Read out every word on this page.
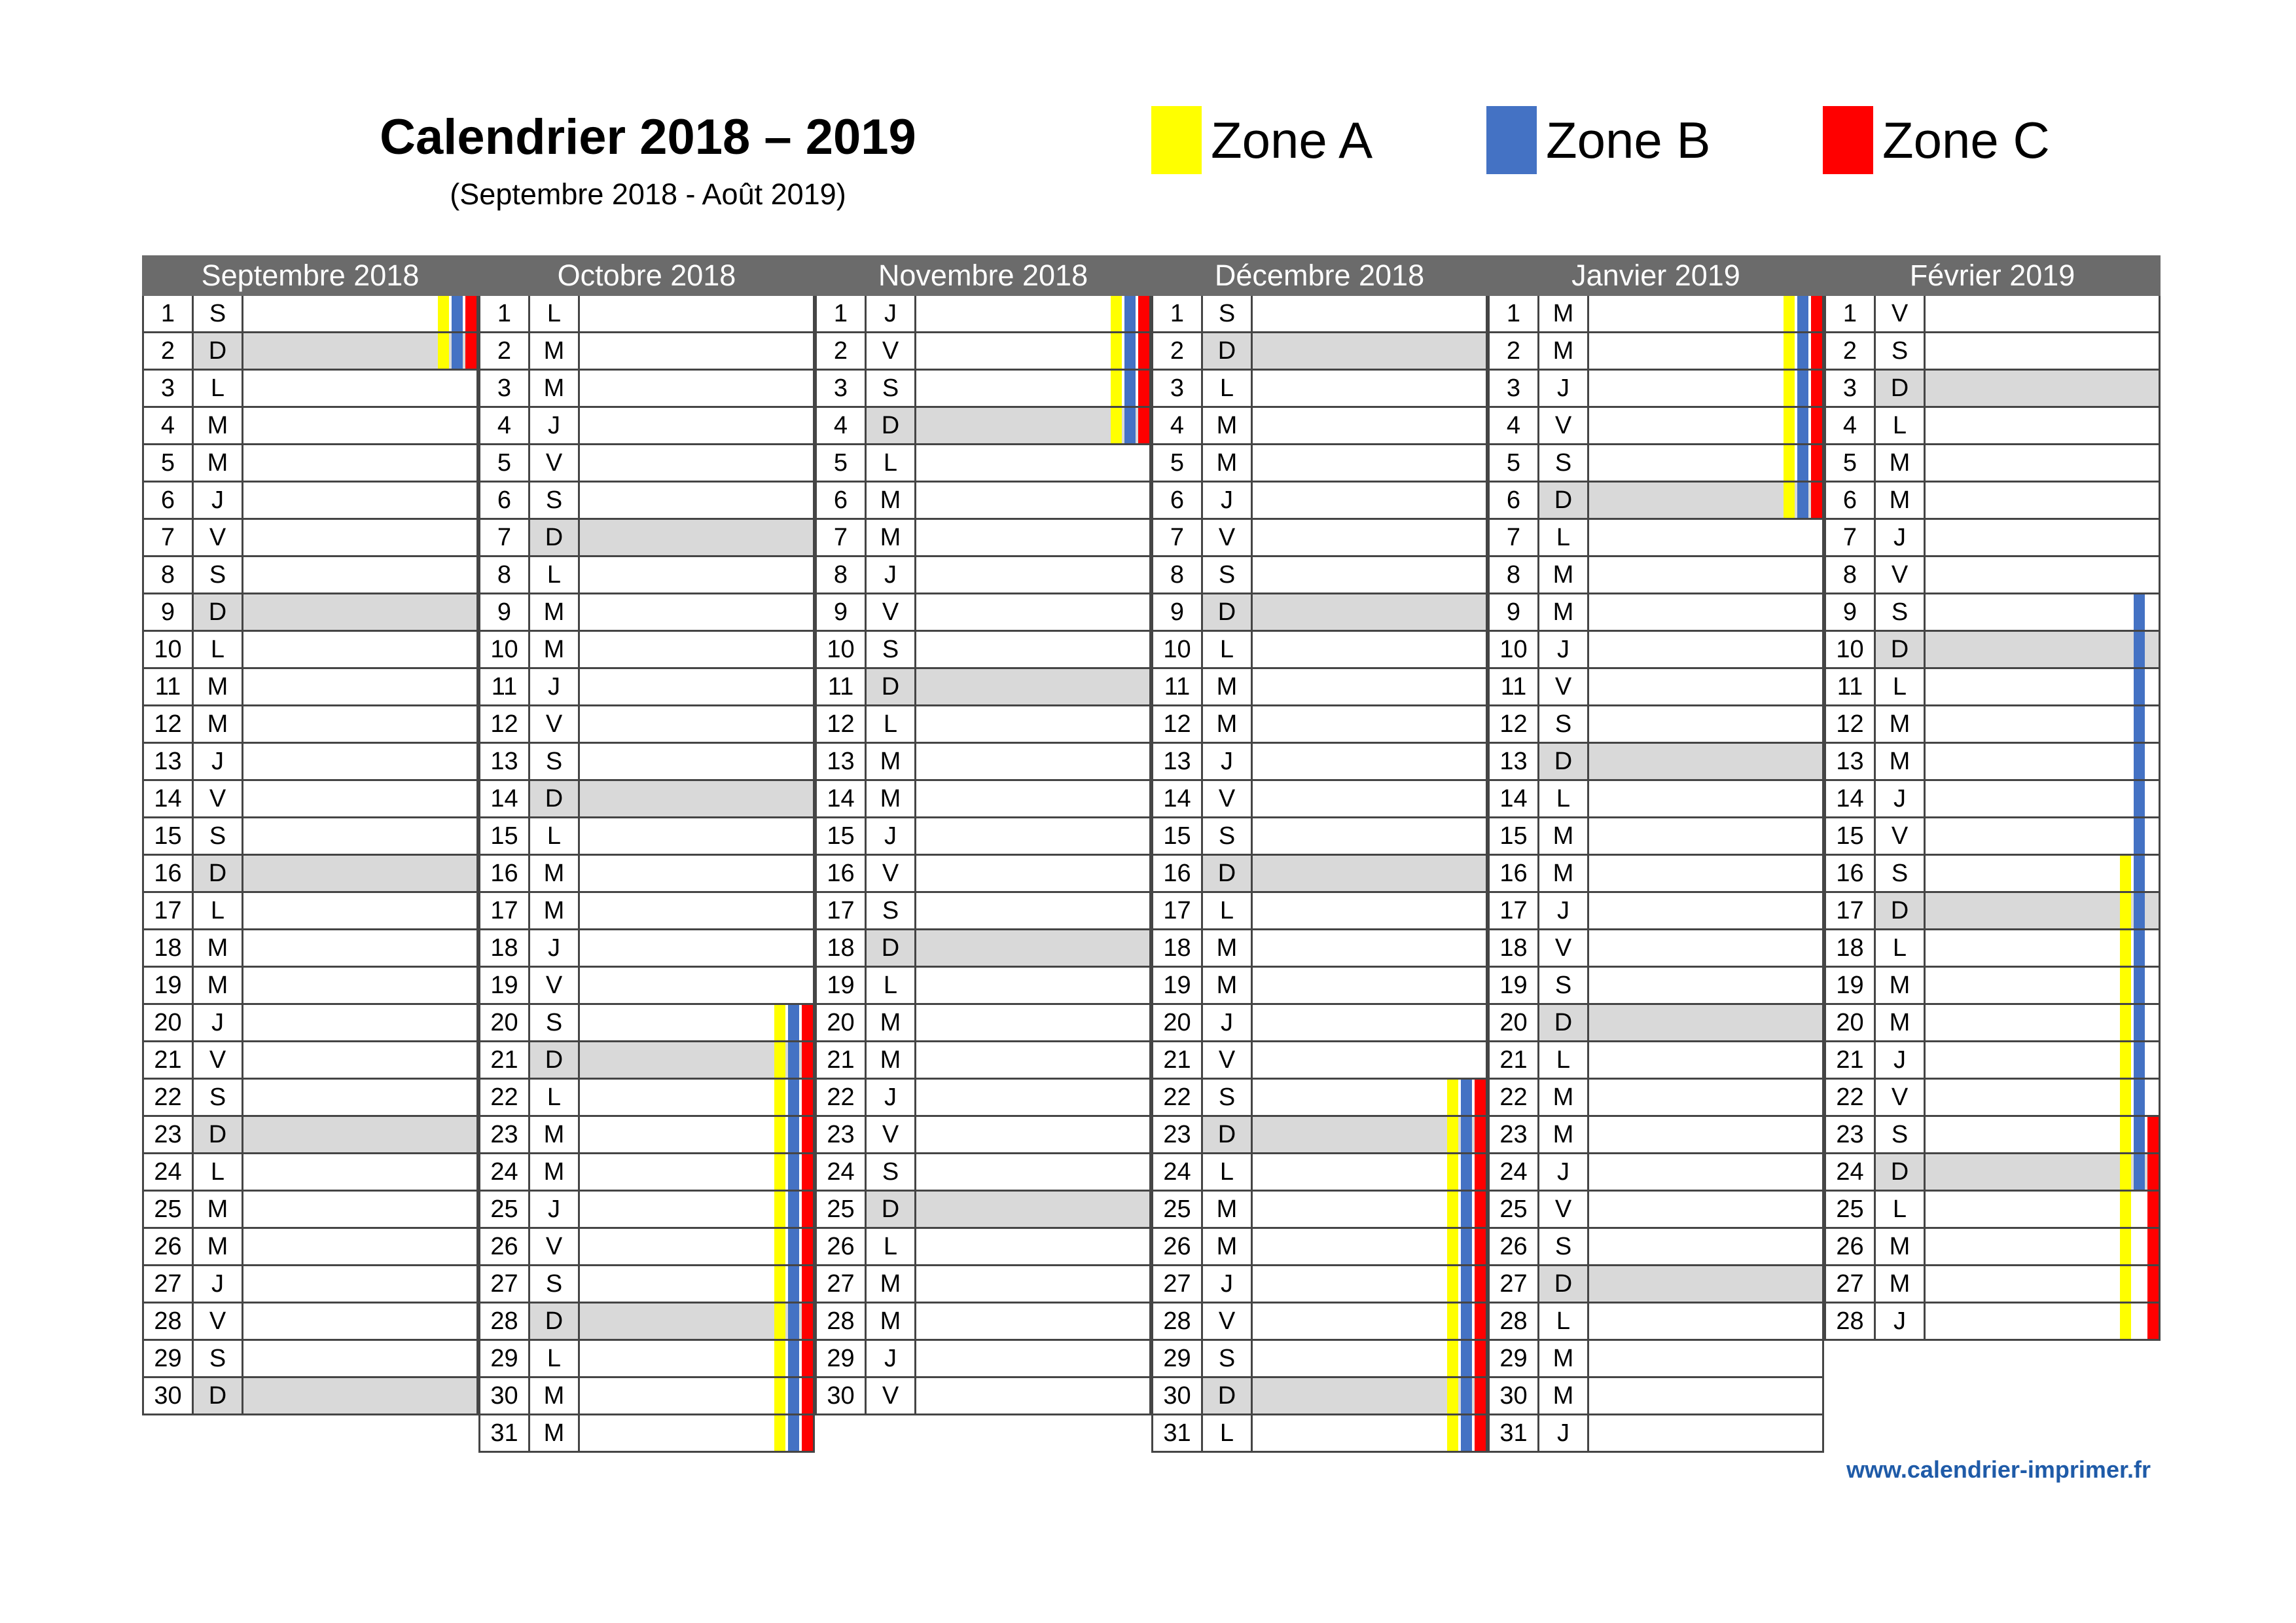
Calendrier 2018 – 2019
(Septembre 2018 - Août 2019)
Zone A	Zone B	Zone C
Septembre 2018
1	S
2	D
3	L
4	M
5	M
6	J
7	V
8	S
9	D
10	L
11	M
12	M
13	J
14	V
15	S
16	D
17	L
18	M
19	M
20	J
21	V
22	S
23	D
24	L
25	M
26	M
27	J
28	V
29	S
30	D
Octobre 2018
1	L
2	M
3	M
4	J
5	V
6	S
7	D
8	L
9	M
10	M
11	J
12	V
13	S
14	D
15	L
16	M
17	M
18	J
19	V
20	S
21	D
22	L
23	M
24	M
25	J
26	V
27	S
28	D
29	L
30	M
31	M
Novembre 2018
1	J
2	V
3	S
4	D
5	L
6	M
7	M
8	J
9	V
10	S
11	D
12	L
13	M
14	M
15	J
16	V
17	S
18	D
19	L
20	M
21	M
22	J
23	V
24	S
25	D
26	L
27	M
28	M
29	J
30	V
Décembre 2018
1	S
2	D
3	L
4	M
5	M
6	J
7	V
8	S
9	D
10	L
11	M
12	M
13	J
14	V
15	S
16	D
17	L
18	M
19	M
20	J
21	V
22	S
23	D
24	L
25	M
26	M
27	J
28	V
29	S
30	D
31	L
Janvier 2019
1	M
2	M
3	J
4	V
5	S
6	D
7	L
8	M
9	M
10	J
11	V
12	S
13	D
14	L
15	M
16	M
17	J
18	V
19	S
20	D
21	L
22	M
23	M
24	J
25	V
26	S
27	D
28	L
29	M
30	M
31	J
Février 2019
1	V
2	S
3	D
4	L
5	M
6	M
7	J
8	V
9	S
10	D
11	L
12	M
13	M
14	J
15	V
16	S
17	D
18	L
19	M
20	M
21	J
22	V
23	S
24	D
25	L
26	M
27	M
28	J
www.calendrier-imprimer.fr
